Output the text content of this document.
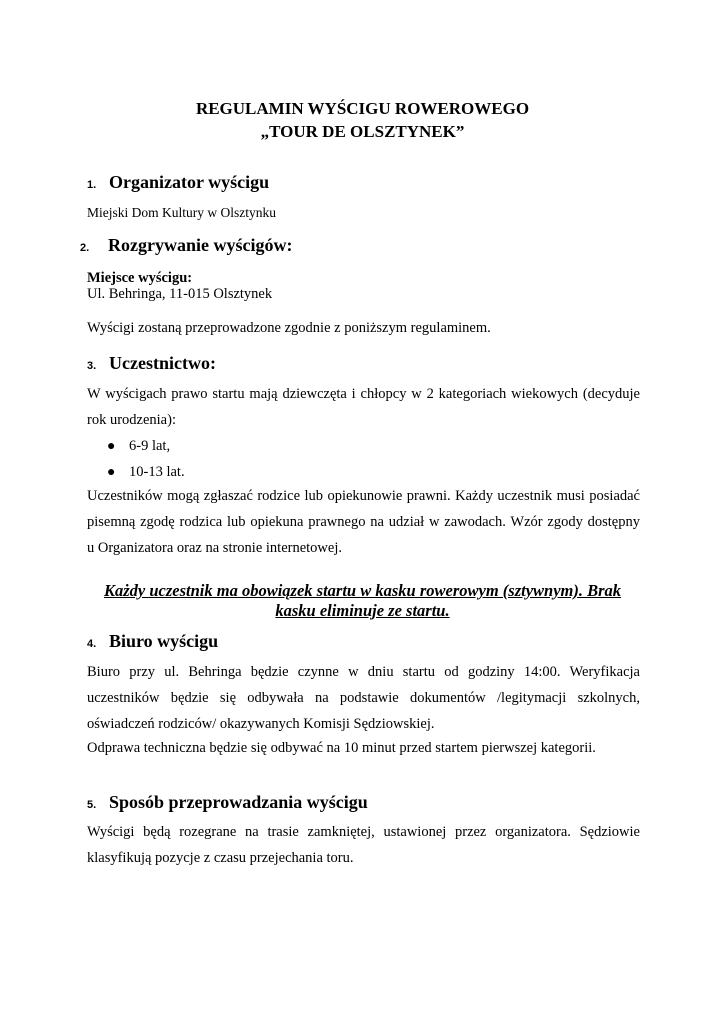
REGULAMIN WYŚCIGU ROWEROWEGO
„TOUR DE OLSZTYNEK”
1. Organizator wyścigu
Miejski Dom Kultury w Olsztynku
2.	Rozgrywanie wyścigów:
Miejsce wyścigu:
Ul. Behringa, 11-015 Olsztynek
Wyścigi zostaną przeprowadzone zgodnie z poniższym regulaminem.
3. Uczestnictwo:
W wyścigach prawo startu mają dziewczęta i chłopcy w 2 kategoriach wiekowych (decyduje
rok urodzenia):
● 6-9 lat,
● 10-13 lat.
Uczestników mogą zgłaszać rodzice lub opiekunowie prawni. Każdy uczestnik musi posiadać
pisemną zgodę rodzica lub opiekuna prawnego na udział w zawodach. Wzór zgody dostępny
u Organizatora oraz na stronie internetowej.
Każdy uczestnik ma obowiązek startu w kasku rowerowym (sztywnym). Brak
kasku eliminuje ze startu.
4. Biuro wyścigu
Biuro przy ul. Behringa będzie czynne w dniu startu od godziny 14:00. Weryfikacja
uczestników będzie się odbywała na podstawie dokumentów /legitymacji szkolnych,
oświadczeń rodziców/ okazywanych Komisji Sędziowskiej.
Odprawa techniczna będzie się odbywać na 10 minut przed startem pierwszej kategorii.
5. Sposób przeprowadzania wyścigu
Wyścigi będą rozegrane na trasie zamkniętej, ustawionej przez organizatora. Sędziowie
klasyfikują pozycje z czasu przejechania toru.
